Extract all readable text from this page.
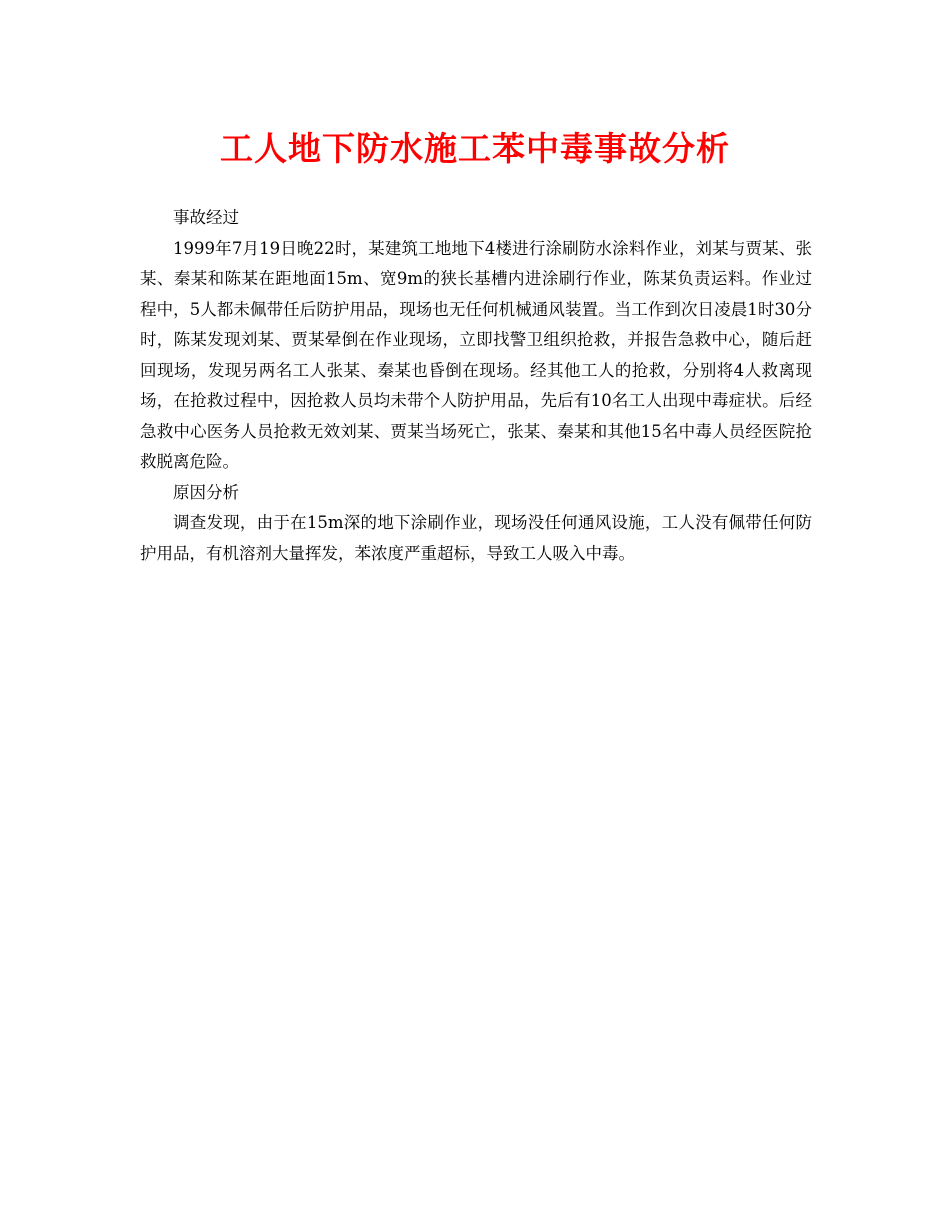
工人地下防水施工苯中毒事故分析

事故经过

1999年7月19日晚22时，某建筑工地地下4楼进行涂刷防水涂料作业，刘某与贾某、张某、秦某和陈某在距地面15m、宽9m的狭长基槽内进涂刷行作业，陈某负责运料。作业过程中，5人都未佩带任后防护用品，现场也无任何机械通风装置。当工作到次日凌晨1时30分时，陈某发现刘某、贾某晕倒在作业现场，立即找警卫组织抢救，并报告急救中心，随后赶回现场，发现另两名工人张某、秦某也昏倒在现场。经其他工人的抢救，分别将4人救离现场，在抢救过程中，因抢救人员均未带个人防护用品，先后有10名工人出现中毒症状。后经急救中心医务人员抢救无效刘某、贾某当场死亡，张某、秦某和其他15名中毒人员经医院抢救脱离危险。

原因分析

调查发现，由于在15m深的地下涂刷作业，现场没任何通风设施，工人没有佩带任何防护用品，有机溶剂大量挥发，苯浓度严重超标，导致工人吸入中毒。
